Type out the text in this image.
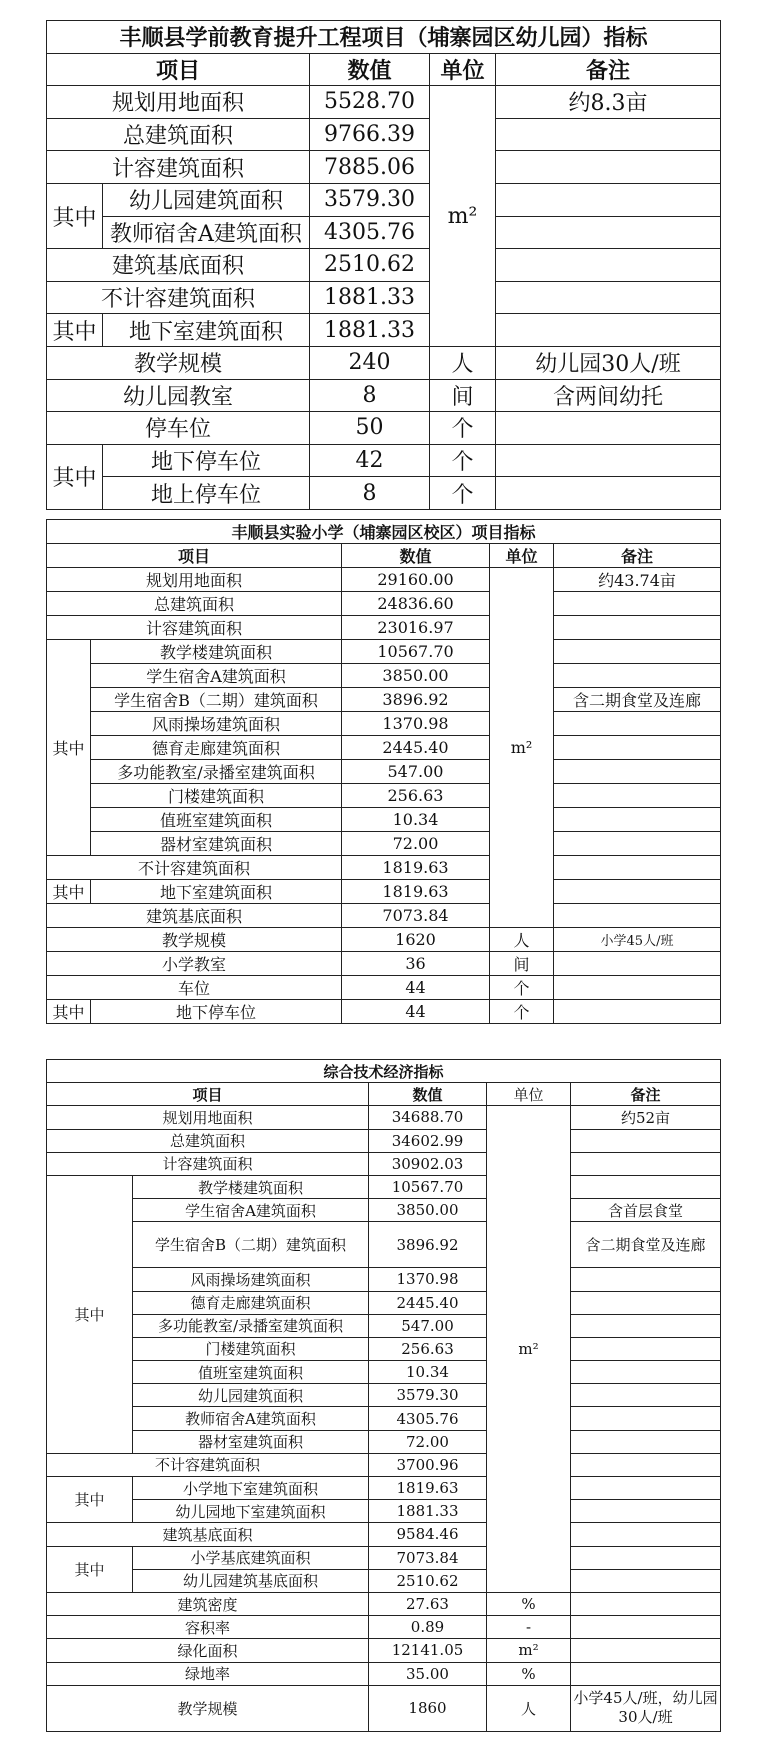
丰顺县学前教育提升工程项目（埔寨园区幼儿园）指标				
项目		数值	单位	备注
规划用地面积		5528.70	m²	约8.3亩
总建筑面积		9766.39		
计容建筑面积		7885.06		
其中	幼儿园建筑面积	3579.30		
	教师宿舍A建筑面积	4305.76		
建筑基底面积		2510.62		
不计容建筑面积		1881.33		
其中	地下室建筑面积	1881.33		
教学规模		240	人	幼儿园30人/班
幼儿园教室		8	间	含两间幼托
停车位		50	个	
其中	地下停车位	42	个	
	地上停车位	8	个	
丰顺县实验小学（埔寨园区校区）项目指标				
项目		数值	单位	备注
规划用地面积		29160.00	m²	约43.74亩
总建筑面积		24836.60		
计容建筑面积		23016.97		
其中	教学楼建筑面积	10567.70		
	学生宿舍A建筑面积	3850.00		
	学生宿舍B（二期）建筑面积	3896.92		含二期食堂及连廊
	风雨操场建筑面积	1370.98		
	德育走廊建筑面积	2445.40		
	多功能教室/录播室建筑面积	547.00		
	门楼建筑面积	256.63		
	值班室建筑面积	10.34		
	器材室建筑面积	72.00		
不计容建筑面积		1819.63		
其中	地下室建筑面积	1819.63		
建筑基底面积		7073.84		
教学规模		1620	人	小学45人/班
小学教室		36	间	
车位		44	个	
其中	地下停车位	44	个	
综合技术经济指标				
项目		数值	单位	备注
规划用地面积		34688.70	m²	约52亩
总建筑面积		34602.99		
计容建筑面积		30902.03		
其中	教学楼建筑面积	10567.70		
	学生宿舍A建筑面积	3850.00		含首层食堂
	学生宿舍B（二期）建筑面积	3896.92		含二期食堂及连廊
	风雨操场建筑面积	1370.98		
	德育走廊建筑面积	2445.40		
	多功能教室/录播室建筑面积	547.00		
	门楼建筑面积	256.63		
	值班室建筑面积	10.34		
	幼儿园建筑面积	3579.30		
	教师宿舍A建筑面积	4305.76		
	器材室建筑面积	72.00		
不计容建筑面积		3700.96		
其中	小学地下室建筑面积	1819.63		
	幼儿园地下室建筑面积	1881.33		
建筑基底面积		9584.46		
其中	小学基底建筑面积	7073.84		
	幼儿园建筑基底面积	2510.62		
建筑密度		27.63	%	
容积率		0.89	-	
绿化面积		12141.05	m²	
绿地率		35.00	%	
教学规模		1860	人	小学45人/班，幼儿园30人/班
